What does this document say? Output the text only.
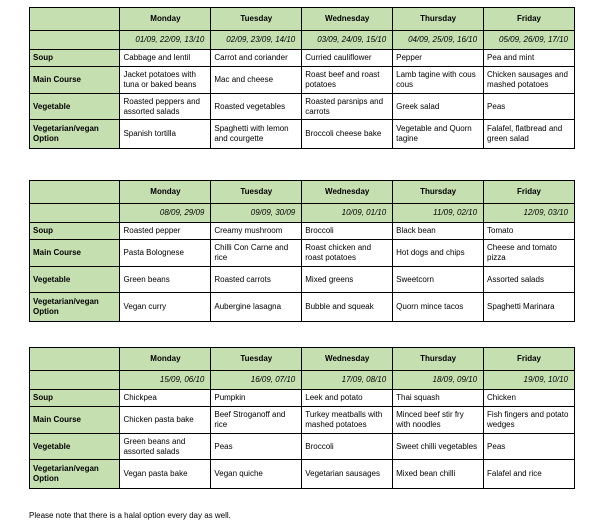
	Monday	Tuesday	Wednesday	Thursday	Friday
	01/09, 22/09, 13/10	02/09, 23/09, 14/10	03/09, 24/09, 15/10	04/09, 25/09, 16/10	05/09, 26/09, 17/10
Soup	Cabbage and lentil	Carrot and coriander	Curried cauliflower	Pepper	Pea and mint
Main Course	Jacket potatoes with tuna or baked beans	Mac and cheese	Roast beef and roast potatoes	Lamb tagine with cous cous	Chicken sausages and mashed potatoes
Vegetable	Roasted peppers and assorted salads	Roasted vegetables	Roasted parsnips and carrots	Greek salad	Peas
Vegetarian/vegan Option	Spanish tortilla	Spaghetti with lemon and courgette	Broccoli cheese bake	Vegetable and Quorn tagine	Falafel, flatbread and green salad
	Monday	Tuesday	Wednesday	Thursday	Friday
	08/09, 29/09	09/09, 30/09	10/09, 01/10	11/09, 02/10	12/09, 03/10
Soup	Roasted pepper	Creamy mushroom	Broccoli	Black bean	Tomato
Main Course	Pasta Bolognese	Chilli Con Carne and rice	Roast chicken and roast potatoes	Hot dogs and chips	Cheese and tomato pizza
Vegetable	Green beans	Roasted carrots	Mixed greens	Sweetcorn	Assorted salads
Vegetarian/vegan Option	Vegan curry	Aubergine lasagna	Bubble and squeak	Quorn mince tacos	Spaghetti Marinara
	Monday	Tuesday	Wednesday	Thursday	Friday
	15/09, 06/10	16/09, 07/10	17/09, 08/10	18/09, 09/10	19/09, 10/10
Soup	Chickpea	Pumpkin	Leek and potato	Thai squash	Chicken
Main Course	Chicken pasta bake	Beef Stroganoff and rice	Turkey meatballs with mashed potatoes	Minced beef stir fry with noodles	Fish fingers and potato wedges
Vegetable	Green beans and assorted salads	Peas	Broccoli	Sweet chilli vegetables	Peas
Vegetarian/vegan Option	Vegan pasta bake	Vegan quiche	Vegetarian sausages	Mixed bean chilli	Falafel and rice
Please note that there is a halal option every day as well.
